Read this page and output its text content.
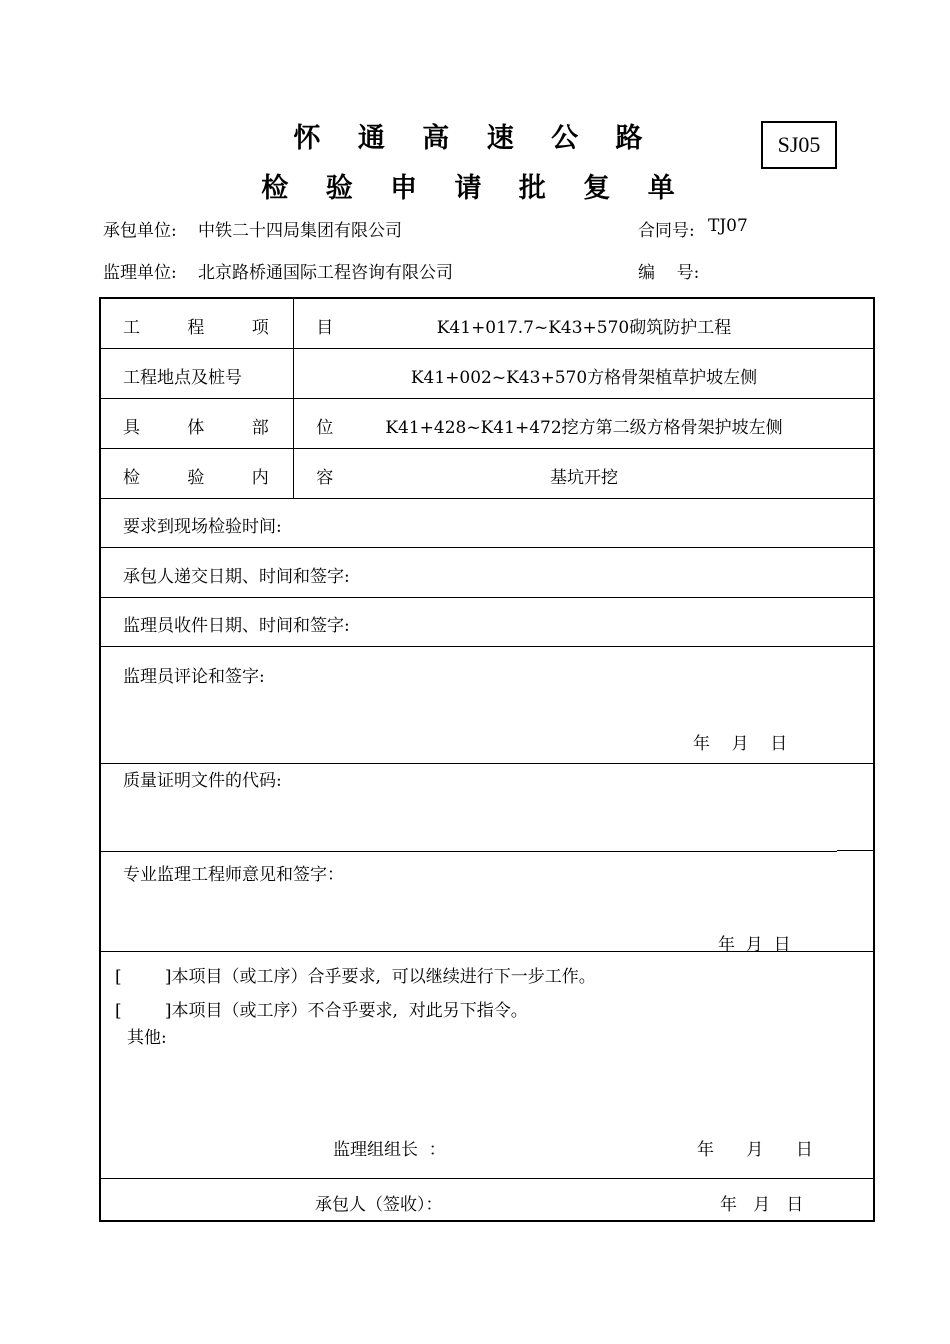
怀 通 高 速 公 路
检 验 申 请 批 复 单
SJ05
承包单位: 中铁二十四局集团有限公司	合同号: TJ07
监理单位: 北京路桥通国际工程咨询有限公司	编    号:
工 程 项 目	K41+017.7~K43+570砌筑防护工程
工程地点及桩号	K41+002~K43+570方格骨架植草护坡左侧
具 体 部 位	K41+428~K41+472挖方第二级方格骨架护坡左侧
检 验 内 容	基坑开挖
要求到现场检验时间:
承包人递交日期、时间和签字:
监理员收件日期、时间和签字:
监理员评论和签字:
年    月    日
质量证明文件的代码:
专业监理工程师意见和签字：
年  月  日
[        ]本项目（或工序）合乎要求,  可以继续进行下一步工作。
[        ]本项目（或工序）不合乎要求,  对此另下指令。
其他:
监理组组长  ：	年      月      日
承包人（签收）：	年   月   日
